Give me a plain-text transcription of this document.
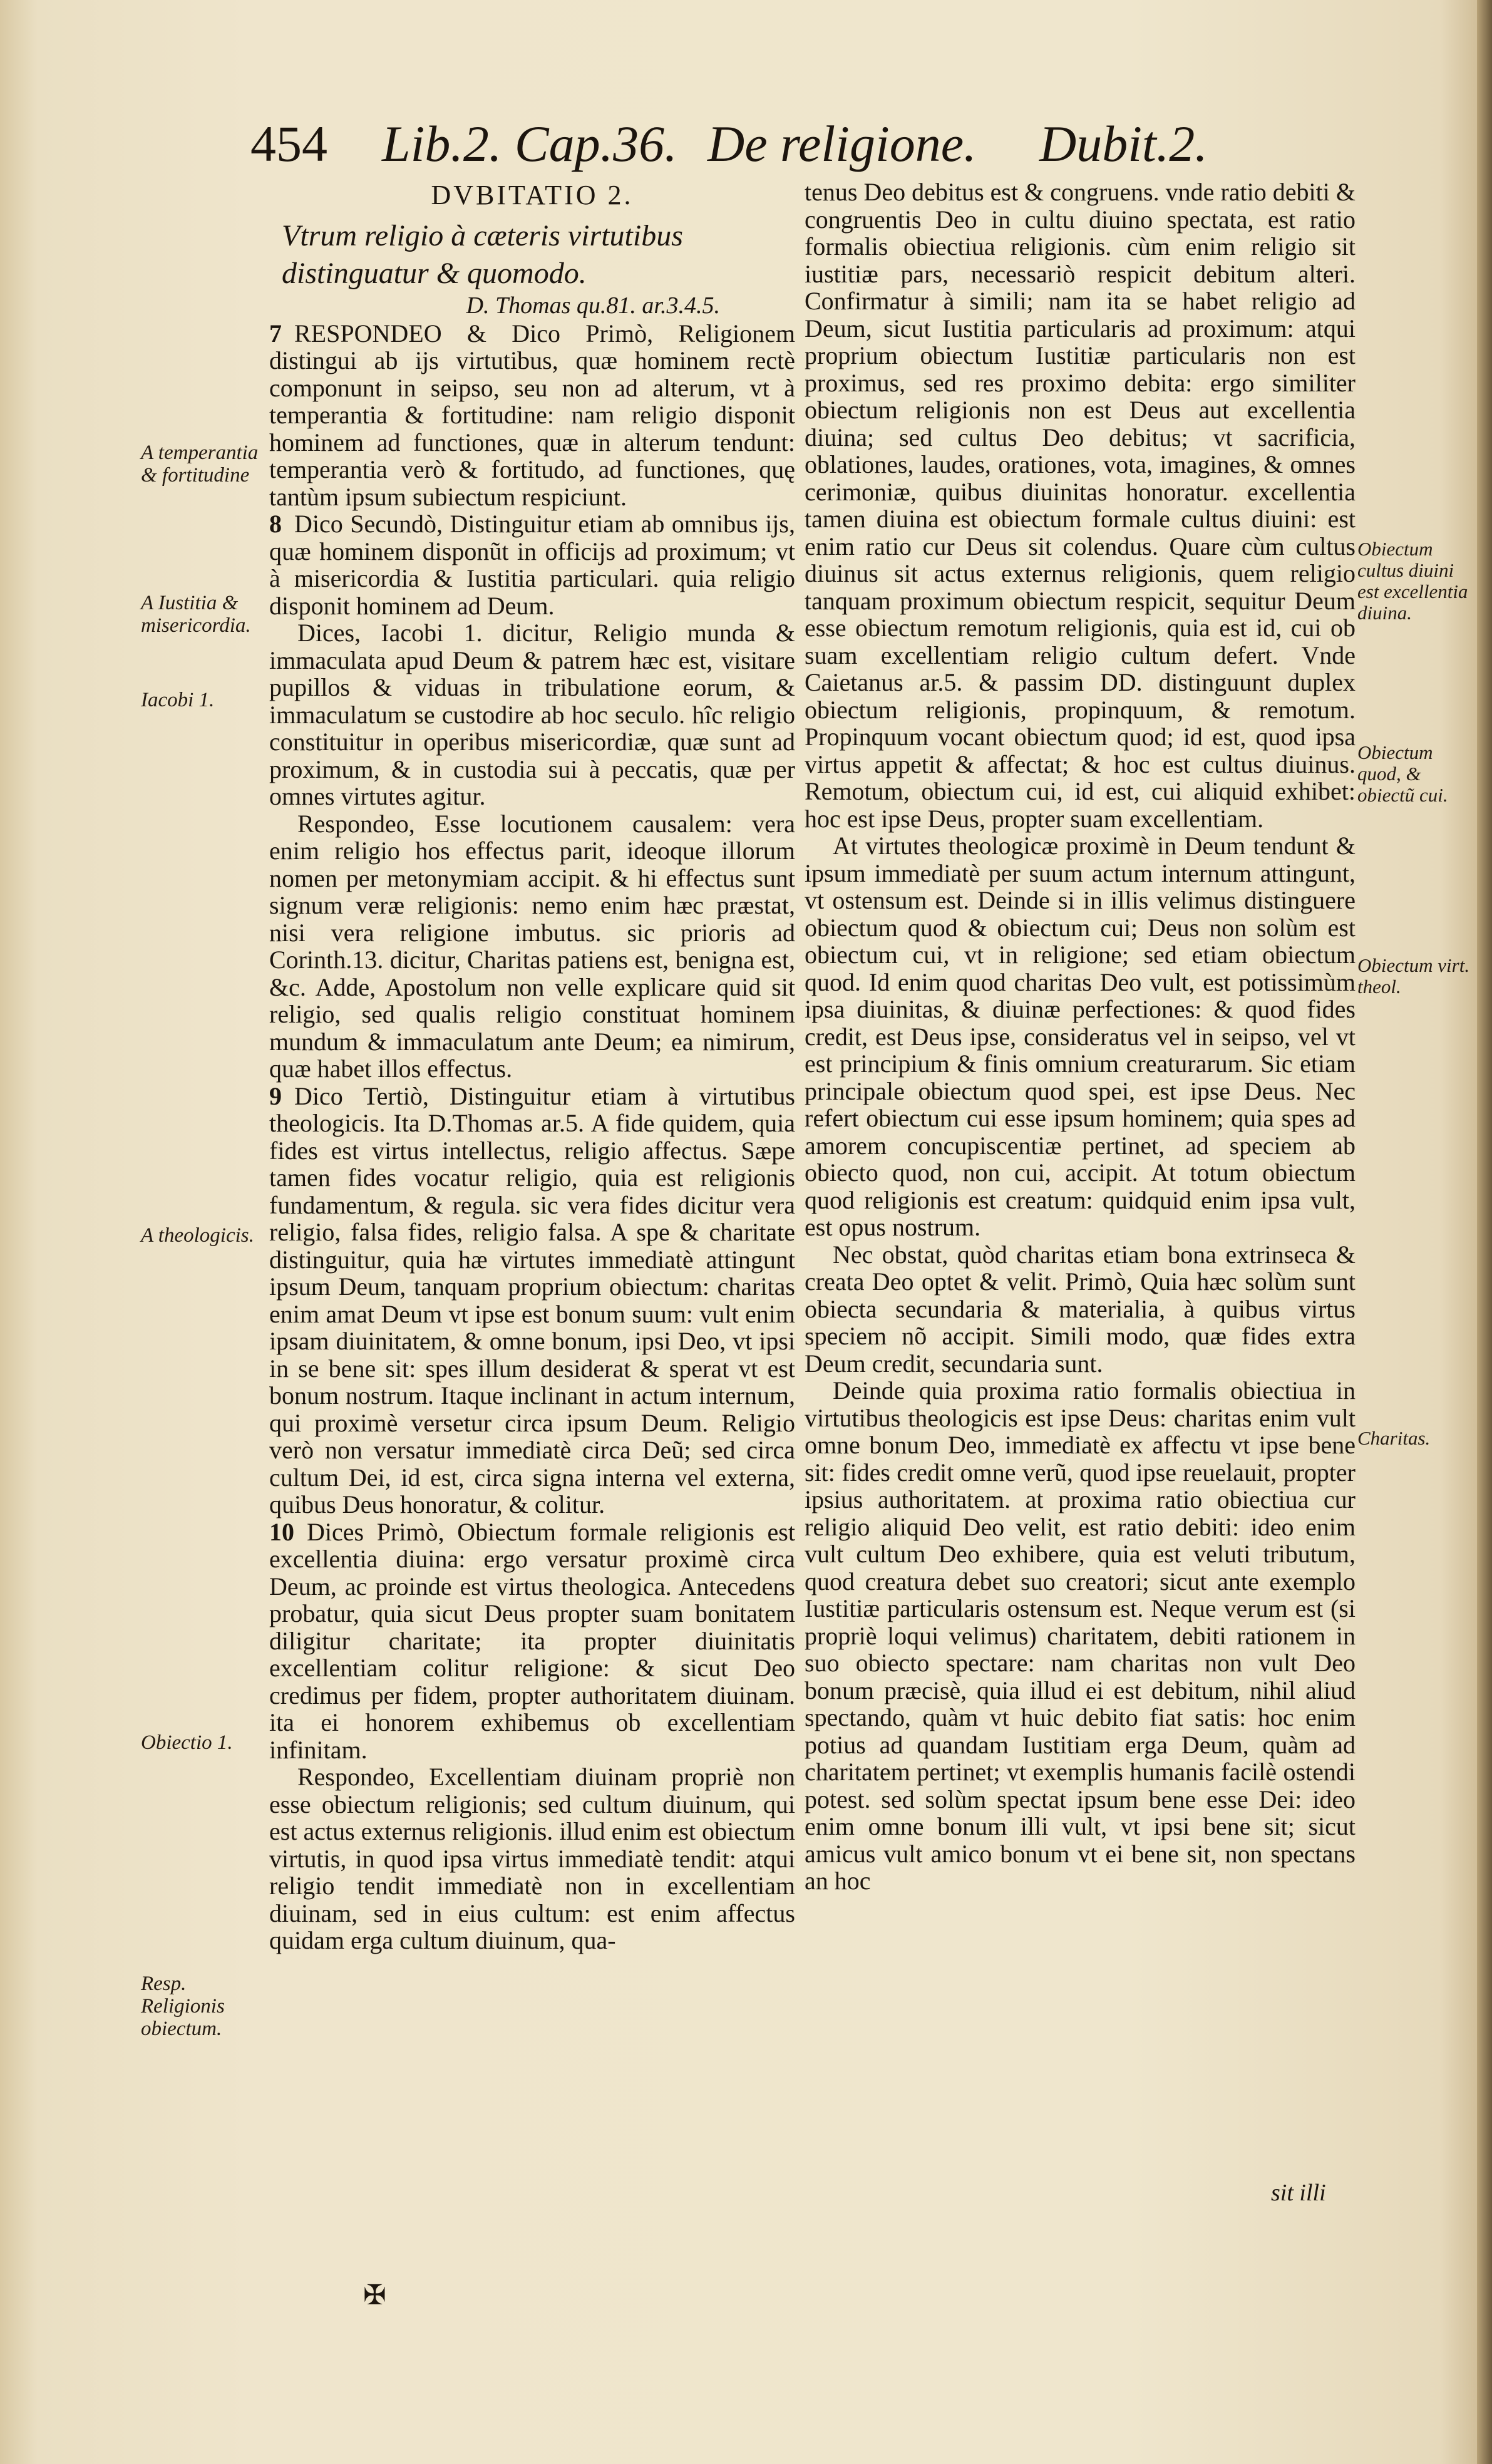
454 Lib.2. Cap.36. De religione. Dubit.2.
A temperantia & fortitudine
A Iustitia & misericordia.
Iacobi 1.
A theologicis.
Obiectio 1.
Resp. Religionis obiectum.
Obiectum cultus diuini est excellentia diuina.
Obiectum quod, & obiectũ cui.
Obiectum virt. theol.
Charitas.

DVBITATIO 2.

Vtrum religio à cæteris virtutibus distinguatur & quomodo.

D. Thomas qu.81. ar.3.4.5.

7 RESPONDEO & Dico Primò, Religionem distingui ab ijs virtutibus, quæ hominem rectè componunt in seipso, seu non ad alterum, vt à temperantia & fortitudine: nam religio disponit hominem ad functiones, quæ in alterum tendunt: temperantia verò & fortitudo, ad functiones, quę tantùm ipsum subiectum respiciunt.

8 Dico Secundò, Distinguitur etiam ab omnibus ijs, quæ hominem disponũt in officijs ad proximum; vt à misericordia & Iustitia particulari. quia religio disponit hominem ad Deum.

Dices, Iacobi 1. dicitur, Religio munda & immaculata apud Deum & patrem hæc est, visitare pupillos & viduas in tribulatione eorum, & immaculatum se custodire ab hoc seculo. hîc religio constituitur in operibus misericordiæ, quæ sunt ad proximum, & in custodia sui à peccatis, quæ per omnes virtutes agitur.

Respondeo, Esse locutionem causalem: vera enim religio hos effectus parit, ideoque illorum nomen per metonymiam accipit. & hi effectus sunt signum veræ religionis: nemo enim hæc præstat, nisi vera religione imbutus. sic prioris ad Corinth.13. dicitur, Charitas patiens est, benigna est, &c. Adde, Apostolum non velle explicare quid sit religio, sed qualis religio constituat hominem mundum & immaculatum ante Deum; ea nimirum, quæ habet illos effectus.

9 Dico Tertiò, Distinguitur etiam à virtutibus theologicis. Ita D.Thomas ar.5. A fide quidem, quia fides est virtus intellectus, religio affectus. Sæpe tamen fides vocatur religio, quia est religionis fundamentum, & regula. sic vera fides dicitur vera religio, falsa fides, religio falsa. A spe & charitate distinguitur, quia hæ virtutes immediatè attingunt ipsum Deum, tanquam proprium obiectum: charitas enim amat Deum vt ipse est bonum suum: vult enim ipsam diuinitatem, & omne bonum, ipsi Deo, vt ipsi in se bene sit: spes illum desiderat & sperat vt est bonum nostrum. Itaque inclinant in actum internum, qui proximè versetur circa ipsum Deum. Religio verò non versatur immediatè circa Deũ; sed circa cultum Dei, id est, circa signa interna vel externa, quibus Deus honoratur, & colitur.

10 Dices Primò, Obiectum formale religionis est excellentia diuina: ergo versatur proximè circa Deum, ac proinde est virtus theologica. Antecedens probatur, quia sicut Deus propter suam bonitatem diligitur charitate; ita propter diuinitatis excellentiam colitur religione: & sicut Deo credimus per fidem, propter authoritatem diuinam. ita ei honorem exhibemus ob excellentiam infinitam.

Respondeo, Excellentiam diuinam propriè non esse obiectum religionis; sed cultum diuinum, qui est actus externus religionis. illud enim est obiectum virtutis, in quod ipsa virtus immediatè tendit: atqui religio tendit immediatè non in excellentiam diuinam, sed in eius cultum: est enim affectus quidam erga cultum diuinum, qua-

tenus Deo debitus est & congruens. vnde ratio debiti & congruentis Deo in cultu diuino spectata, est ratio formalis obiectiua religionis. cùm enim religio sit iustitiæ pars, necessariò respicit debitum alteri. Confirmatur à simili; nam ita se habet religio ad Deum, sicut Iustitia particularis ad proximum: atqui proprium obiectum Iustitiæ particularis non est proximus, sed res proximo debita: ergo similiter obiectum religionis non est Deus aut excellentia diuina; sed cultus Deo debitus; vt sacrificia, oblationes, laudes, orationes, vota, imagines, & omnes cerimoniæ, quibus diuinitas honoratur. excellentia tamen diuina est obiectum formale cultus diuini: est enim ratio cur Deus sit colendus. Quare cùm cultus diuinus sit actus externus religionis, quem religio tanquam proximum obiectum respicit, sequitur Deum esse obiectum remotum religionis, quia est id, cui ob suam excellentiam religio cultum defert. Vnde Caietanus ar.5. & passim DD. distinguunt duplex obiectum religionis, propinquum, & remotum. Propinquum vocant obiectum quod; id est, quod ipsa virtus appetit & affectat; & hoc est cultus diuinus. Remotum, obiectum cui, id est, cui aliquid exhibet: hoc est ipse Deus, propter suam excellentiam.

At virtutes theologicæ proximè in Deum tendunt & ipsum immediatè per suum actum internum attingunt, vt ostensum est. Deinde si in illis velimus distinguere obiectum quod & obiectum cui; Deus non solùm est obiectum cui, vt in religione; sed etiam obiectum quod. Id enim quod charitas Deo vult, est potissimùm ipsa diuinitas, & diuinæ perfectiones: & quod fides credit, est Deus ipse, consideratus vel in seipso, vel vt est principium & finis omnium creaturarum. Sic etiam principale obiectum quod spei, est ipse Deus. Nec refert obiectum cui esse ipsum hominem; quia spes ad amorem concupiscentiæ pertinet, ad speciem ab obiecto quod, non cui, accipit. At totum obiectum quod religionis est creatum: quidquid enim ipsa vult, est opus nostrum.

Nec obstat, quòd charitas etiam bona extrinseca & creata Deo optet & velit. Primò, Quia hæc solùm sunt obiecta secundaria & materialia, à quibus virtus speciem nõ accipit. Simili modo, quæ fides extra Deum credit, secundaria sunt.

Deinde quia proxima ratio formalis obiectiua in virtutibus theologicis est ipse Deus: charitas enim vult omne bonum Deo, immediatè ex affectu vt ipse bene sit: fides credit omne verũ, quod ipse reuelauit, propter ipsius authoritatem. at proxima ratio obiectiua cur religio aliquid Deo velit, est ratio debiti: ideo enim vult cultum Deo exhibere, quia est veluti tributum, quod creatura debet suo creatori; sicut ante exemplo Iustitiæ particularis ostensum est. Neque verum est (si propriè loqui velimus) charitatem, debiti rationem in suo obiecto spectare: nam charitas non vult Deo bonum præcisè, quia illud ei est debitum, nihil aliud spectando, quàm vt huic debito fiat satis: hoc enim potius ad quandam Iustitiam erga Deum, quàm ad charitatem pertinet; vt exemplis humanis facilè ostendi potest. sed solùm spectat ipsum bene esse Dei: ideo enim omne bonum illi vult, vt ipsi bene sit; sicut amicus vult amico bonum vt ei bene sit, non spectans an hoc

sit illi
✠
